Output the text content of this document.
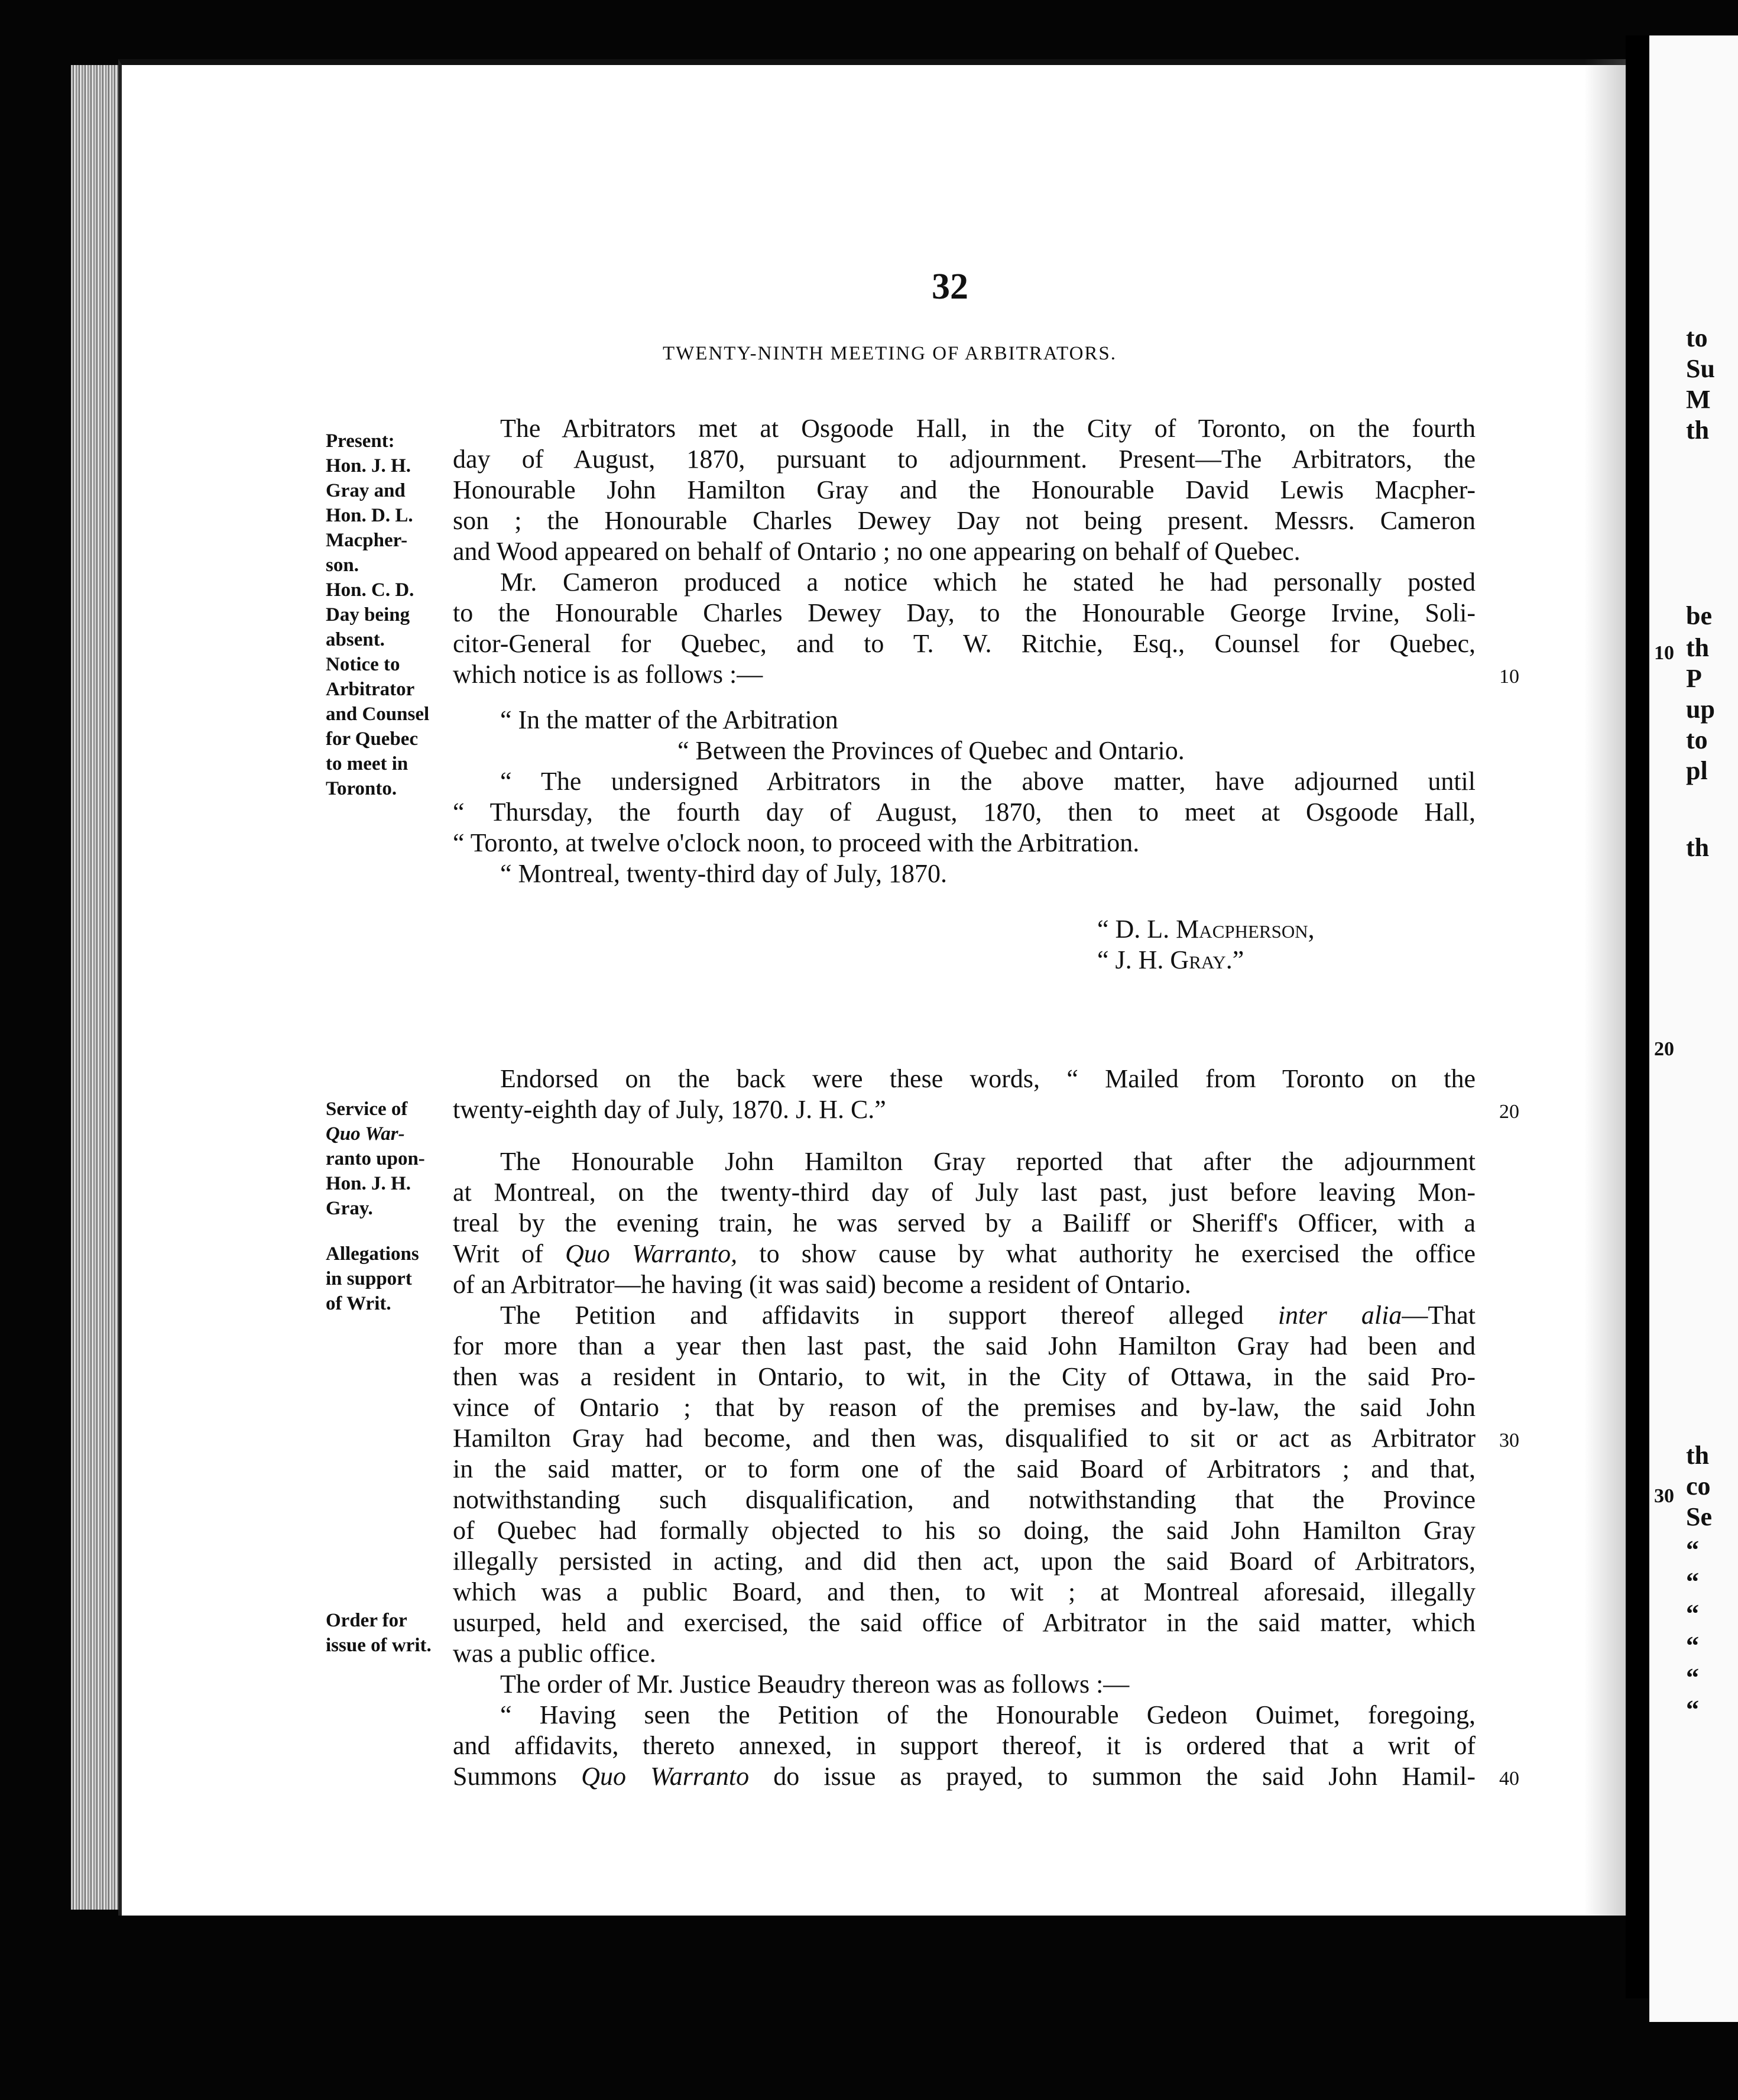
32
TWENTY-NINTH MEETING OF ARBITRATORS.
Present:
Hon. J. H.
Gray and
Hon. D. L.
Macpher-
son.
Hon. C. D.
Day being
absent.
Notice to
Arbitrator
and Counsel
for Quebec
to meet in
Toronto.
Service of
Quo War-
ranto upon-
Hon. J. H.
Gray.
Allegations
in support
of Writ.
Order for
issue of writ.
The Arbitrators met at Osgoode Hall, in the City of Toronto, on the fourth
day of August, 1870, pursuant to adjournment. Present—The Arbitrators, the
Honourable John Hamilton Gray and the Honourable David Lewis Macpher-
son ; the Honourable Charles Dewey Day not being present. Messrs. Cameron
and Wood appeared on behalf of Ontario ; no one appearing on behalf of Quebec.
Mr. Cameron produced a notice which he stated he had personally posted
to the Honourable Charles Dewey Day, to the Honourable George Irvine, Soli-
citor-General for Quebec, and to T. W. Ritchie, Esq., Counsel for Quebec,
which notice is as follows :—	10
“ In the matter of the Arbitration
“ Between the Provinces of Quebec and Ontario.
“ The undersigned Arbitrators in the above matter, have adjourned until
“ Thursday, the fourth day of August, 1870, then to meet at Osgoode Hall,
“ Toronto, at twelve o'clock noon, to proceed with the Arbitration.
“ Montreal, twenty-third day of July, 1870.
“ D. L. Macpherson,
“ J. H. Gray.”
Endorsed on the back were these words, “ Mailed from Toronto on the
twenty-eighth day of July, 1870. J. H. C.”	20
The Honourable John Hamilton Gray reported that after the adjournment
at Montreal, on the twenty-third day of July last past, just before leaving Mon-
treal by the evening train, he was served by a Bailiff or Sheriff's Officer, with a
Writ of Quo Warranto, to show cause by what authority he exercised the office
of an Arbitrator—he having (it was said) become a resident of Ontario.
The Petition and affidavits in support thereof alleged inter alia—That
for more than a year then last past, the said John Hamilton Gray had been and
then was a resident in Ontario, to wit, in the City of Ottawa, in the said Pro-
vince of Ontario ; that by reason of the premises and by-law, the said John
Hamilton Gray had become, and then was, disqualified to sit or act as Arbitrator 30
in the said matter, or to form one of the said Board of Arbitrators ; and that,
notwithstanding such disqualification, and notwithstanding that the Province
of Quebec had formally objected to his so doing, the said John Hamilton Gray
illegally persisted in acting, and did then act, upon the said Board of Arbitrators,
which was a public Board, and then, to wit ; at Montreal aforesaid, illegally
usurped, held and exercised, the said office of Arbitrator in the said matter, which
was a public office.
The order of Mr. Justice Beaudry thereon was as follows :—
“ Having seen the Petition of the Honourable Gedeon Ouimet, foregoing,
and affidavits, thereto annexed, in support thereof, it is ordered that a writ of
Summons Quo Warranto do issue as prayed, to summon the said John Hamil- 40
to
Su
M
th
be
10 th
P
up
to
pl
th
20
th
30 co
Se
“
“
“
“
“
“
